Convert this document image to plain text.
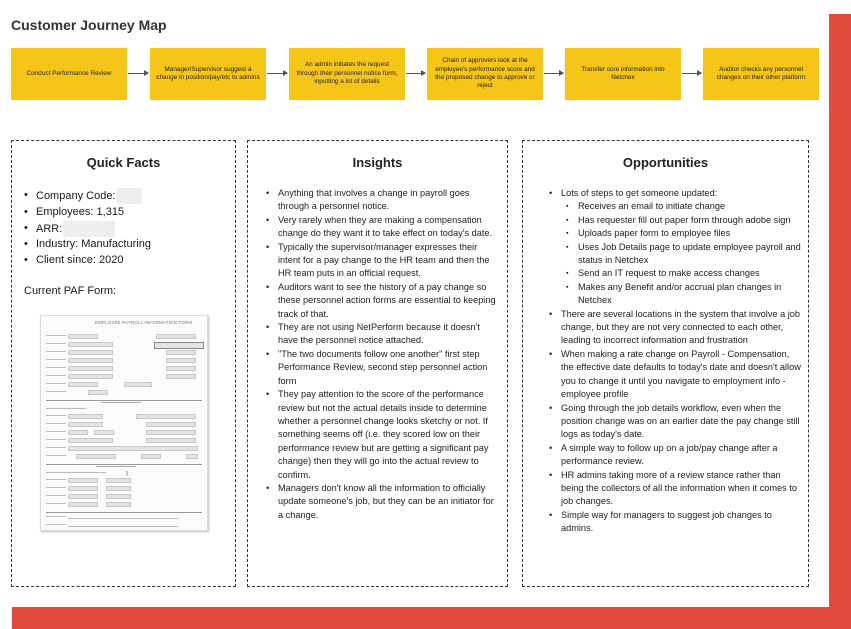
Customer Journey Map
Conduct Performance Review
Manager/Supervisor suggest a change in position/pay/etc to admins
An admin initiates the request through their personnel notice form, inputting a lot of details
Chain of approvers look at the employee's performance score and the proposed change to approve or reject
Transfer core information into Netchex
Auditor checks any personnel changes on their other platform
Quick Facts
• Company Code:
• Employees: 1,315
• ARR:
• Industry: Manufacturing
• Client since: 2020
Current PAF Form:
EMPLOYEE PAYROLL INFORMATION FORM
Insights
• Anything that involves a change in payroll goes through a personnel notice.
• Very rarely when they are making a compensation change do they want it to take effect on today's date.
• Typically the supervisor/manager expresses their intent for a pay change to the HR team and then the HR team puts in an official request.
• Auditors want to see the history of a pay change so these personnel action forms are essential to keeping track of that.
• They are not using NetPerform because it doesn't have the personnel notice attached.
• "The two documents follow one another" first step Performance Review, second step personnel action form
• They pay attention to the score of the performance review but not the actual details inside to determine whether a personnel change looks sketchy or not. If something seems off (i.e. they scored low on their performance review but are getting a significant pay change) then they will go into the actual review to confirm.
• Managers don't know all the information to officially update someone's job, but they can be an initiator for a change.
Opportunities
• Lots of steps to get someone updated:
▪ Receives an email to initiate change
▪ Has requester fill out paper form through adobe sign
▪ Uploads paper form to employee files
▪ Uses Job Details page to update employee payroll and status in Netchex
▪ Send an IT request to make access changes
▪ Makes any Benefit and/or accrual plan changes in Netchex
• There are several locations in the system that involve a job change, but they are not very connected to each other, leading to incorrect information and frustration
• When making a rate change on Payroll - Compensation, the effective date defaults to today's date and doesn't allow you to change it until you navigate to employment info - employee profile
• Going through the job details workflow, even when the position change was on an earlier date the pay change still logs as today's date.
• A simple way to follow up on a job/pay change after a performance review.
• HR admins taking more of a review stance rather than being the collectors of all the information when it comes to job changes.
• Simple way for managers to suggest job changes to admins.
